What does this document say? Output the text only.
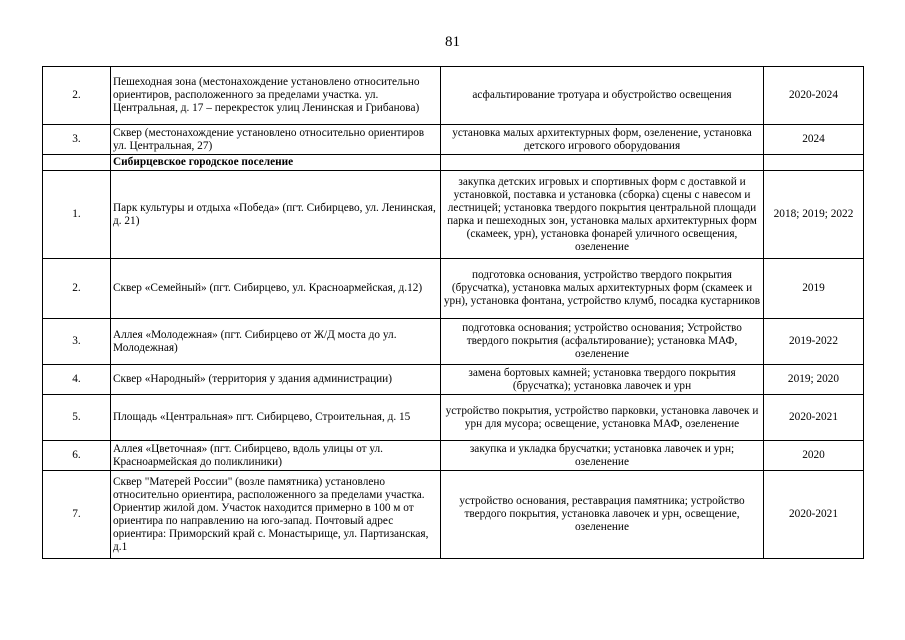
81
2.	Пешеходная зона (местонахождение установлено относительно ориентиров, расположенного за пределами участка. ул. Центральная, д. 17 – перекресток улиц Ленинская и Грибанова)	асфальтирование тротуара и обустройство освещения	2020-2024
3.	Сквер (местонахождение установлено относительно ориентиров ул. Центральная, 27)	установка малых архитектурных форм, озеленение, установка детского игрового оборудования	2024
	Сибирцевское городское поселение		
1.	Парк культуры и отдыха «Победа» (пгт. Сибирцево, ул. Ленинская, д. 21)	закупка детских игровых и спортивных форм с доставкой и установкой, поставка и установка (сборка) сцены с навесом и лестницей; установка твердого покрытия центральной площади парка и пешеходных зон, установка малых архитектурных форм (скамеек, урн), установка фонарей уличного освещения, озеленение	2018; 2019; 2022
2.	Сквер «Семейный» (пгт. Сибирцево, ул. Красноармейская, д.12)	подготовка основания, устройство твердого покрытия (брусчатка), установка малых архитектурных форм (скамеек и урн), установка фонтана, устройство клумб, посадка кустарников	2019
3.	Аллея «Молодежная» (пгт. Сибирцево от Ж/Д моста до ул. Молодежная)	подготовка основания; устройство основания; Устройство твердого покрытия (асфальтирование); установка МАФ, озеленение	2019-2022
4.	Сквер «Народный» (территория у здания администрации)	замена бортовых камней; установка твердого покрытия (брусчатка); установка лавочек и урн	2019; 2020
5.	Площадь «Центральная» пгт. Сибирцево, Строительная, д. 15	устройство покрытия, устройство парковки, установка лавочек и урн для мусора; освещение, установка МАФ, озеленение	2020-2021
6.	Аллея «Цветочная» (пгт. Сибирцево, вдоль улицы от ул. Красноармейская до поликлиники)	закупка и укладка брусчатки; установка лавочек и урн; озеленение	2020
7.	Сквер "Матерей России" (возле памятника) установлено относительно ориентира, расположенного за пределами участка. Ориентир жилой дом. Участок находится примерно в 100 м от ориентира по направлению на юго-запад. Почтовый адрес ориентира: Приморский край с. Монастырище, ул. Партизанская, д.1	устройство основания, реставрация памятника; устройство твердого покрытия, установка лавочек и урн, освещение, озеленение	2020-2021
